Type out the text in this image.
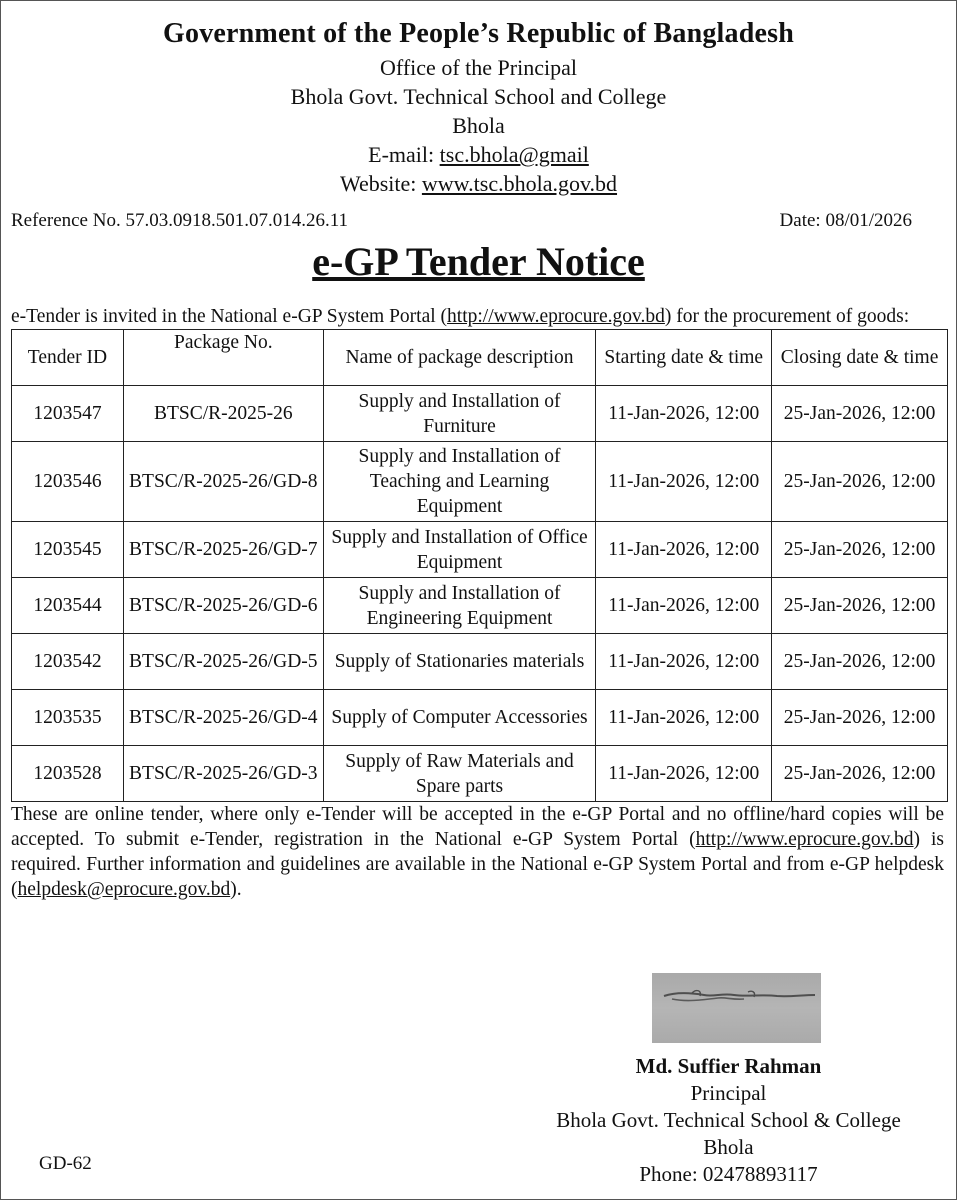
Government of the People’s Republic of Bangladesh
Office of the Principal
Bhola Govt. Technical School and College
Bhola
E-mail: tsc.bhola@gmail
Website: www.tsc.bhola.gov.bd
Reference No. 57.03.0918.501.07.014.26.11	Date: 08/01/2026
e-GP Tender Notice
e-Tender is invited in the National e-GP System Portal (http://www.eprocure.gov.bd) for the procurement of goods:
Tender ID	Package No.	Name of package description	Starting date & time	Closing date & time
1203547	BTSC/R-2025-26	Supply and Installation of Furniture	11-Jan-2026, 12:00	25-Jan-2026, 12:00
1203546	BTSC/R-2025-26/GD-8	Supply and Installation of Teaching and Learning Equipment	11-Jan-2026, 12:00	25-Jan-2026, 12:00
1203545	BTSC/R-2025-26/GD-7	Supply and Installation of Office Equipment	11-Jan-2026, 12:00	25-Jan-2026, 12:00
1203544	BTSC/R-2025-26/GD-6	Supply and Installation of Engineering Equipment	11-Jan-2026, 12:00	25-Jan-2026, 12:00
1203542	BTSC/R-2025-26/GD-5	Supply of Stationaries materials	11-Jan-2026, 12:00	25-Jan-2026, 12:00
1203535	BTSC/R-2025-26/GD-4	Supply of Computer Accessories	11-Jan-2026, 12:00	25-Jan-2026, 12:00
1203528	BTSC/R-2025-26/GD-3	Supply of Raw Materials and Spare parts	11-Jan-2026, 12:00	25-Jan-2026, 12:00
These are online tender, where only e-Tender will be accepted in the e-GP Portal and no offline/hard copies will be accepted. To submit e-Tender, registration in the National e-GP System Portal (http://www.eprocure.gov.bd) is required. Further information and guidelines are available in the National e-GP System Portal and from e-GP helpdesk (helpdesk@eprocure.gov.bd).
Md. Suffier Rahman
Principal
Bhola Govt. Technical School & College
Bhola
Phone: 02478893117
GD-62
